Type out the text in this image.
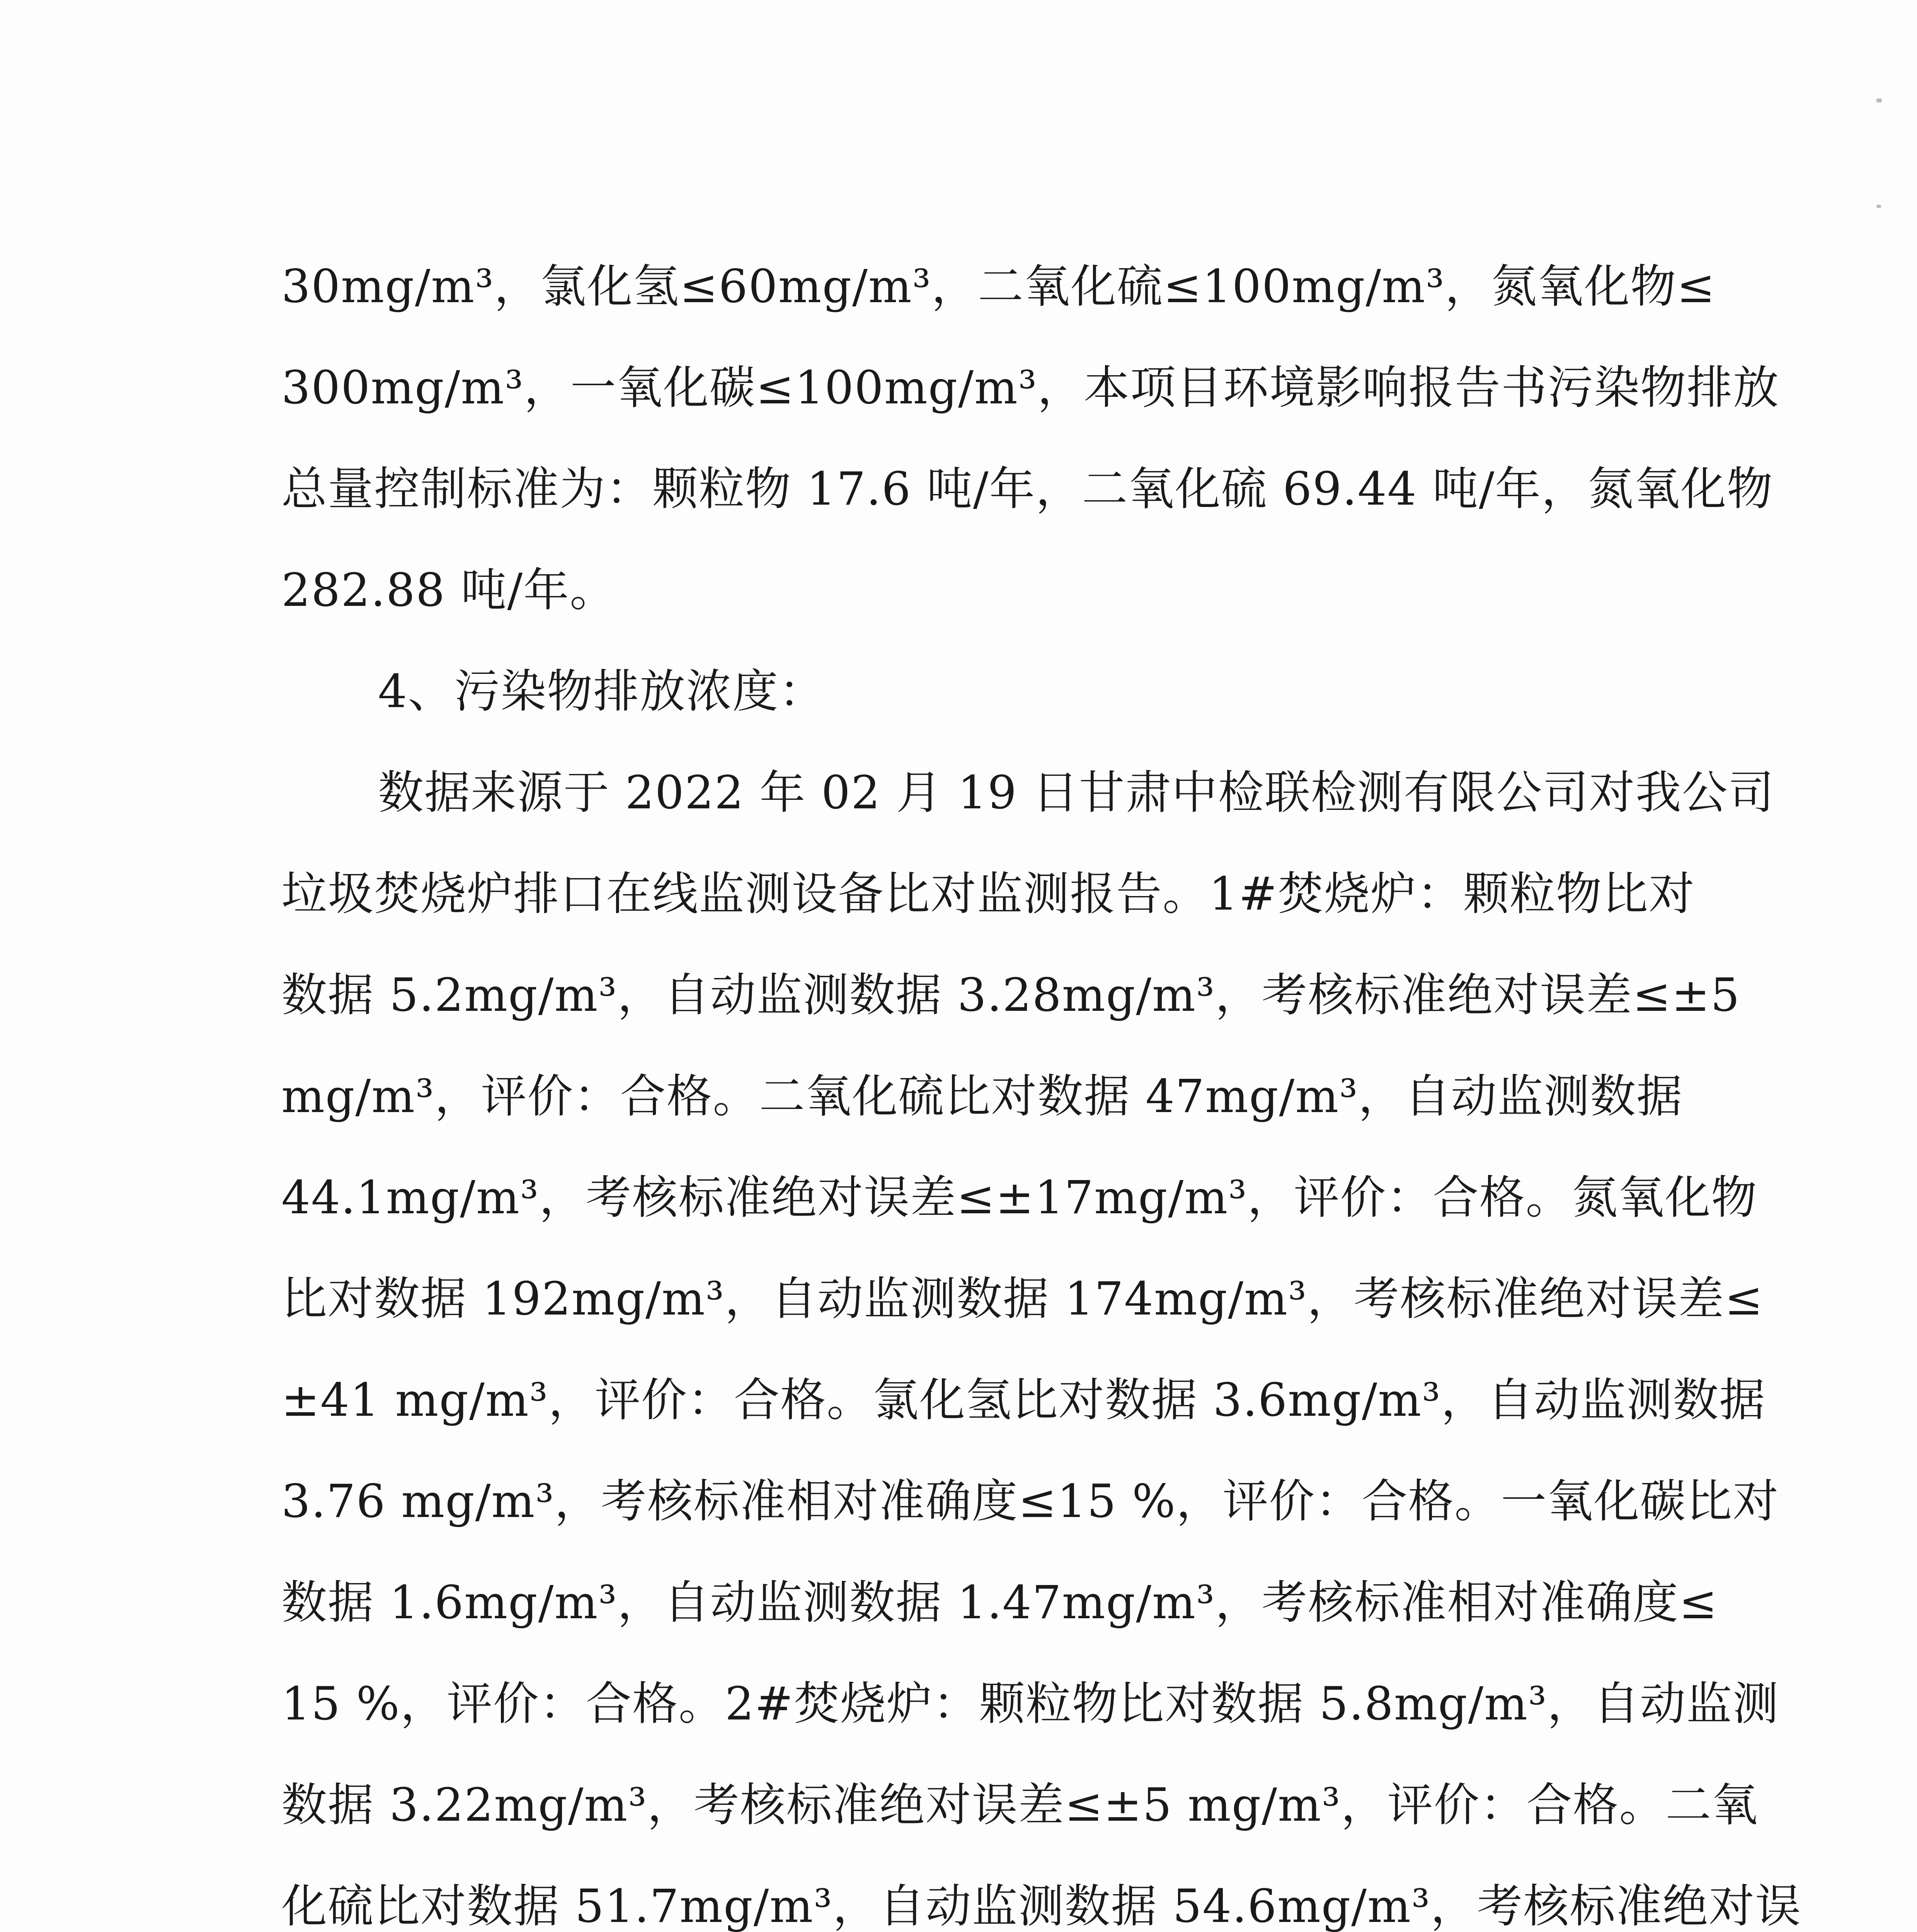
30mg/m³，氯化氢≤60mg/m³，二氧化硫≤100mg/m³，氮氧化物≤
300mg/m³，一氧化碳≤100mg/m³，本项目环境影响报告书污染物排放
总量控制标准为：颗粒物 17.6 吨/年，二氧化硫 69.44 吨/年，氮氧化物
282.88 吨/年。
4、污染物排放浓度：
数据来源于 2022 年 02 月 19 日甘肃中检联检测有限公司对我公司
垃圾焚烧炉排口在线监测设备比对监测报告。1#焚烧炉：颗粒物比对
数据 5.2mg/m³，自动监测数据 3.28mg/m³，考核标准绝对误差≤±5
mg/m³，评价：合格。二氧化硫比对数据 47mg/m³，自动监测数据
44.1mg/m³，考核标准绝对误差≤±17mg/m³，评价：合格。氮氧化物
比对数据 192mg/m³，自动监测数据 174mg/m³，考核标准绝对误差≤
±41 mg/m³，评价：合格。氯化氢比对数据 3.6mg/m³，自动监测数据
3.76 mg/m³，考核标准相对准确度≤15 %，评价：合格。一氧化碳比对
数据 1.6mg/m³，自动监测数据 1.47mg/m³，考核标准相对准确度≤
15 %，评价：合格。2#焚烧炉：颗粒物比对数据 5.8mg/m³，自动监测
数据 3.22mg/m³，考核标准绝对误差≤±5 mg/m³，评价：合格。二氧
化硫比对数据 51.7mg/m³，自动监测数据 54.6mg/m³，考核标准绝对误
